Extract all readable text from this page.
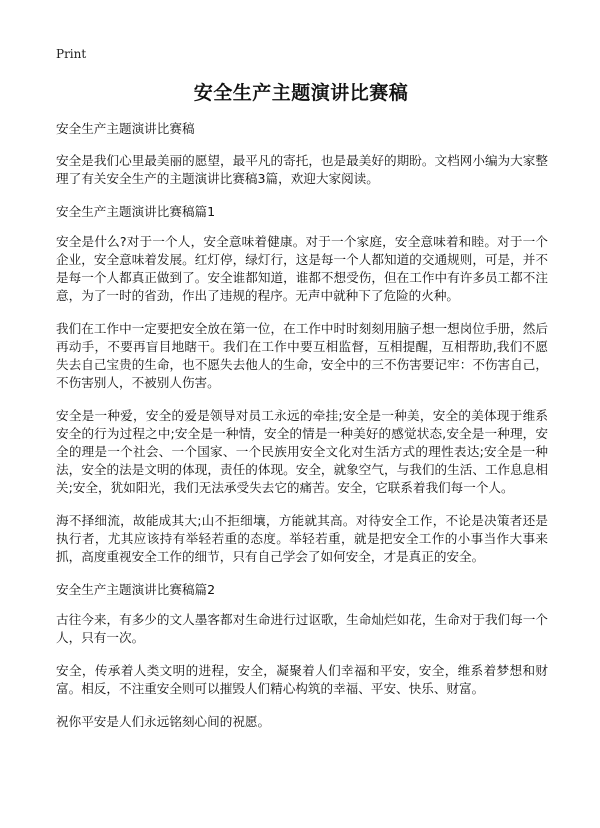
Print
安全生产主题演讲比赛稿

安全生产主题演讲比赛稿

安全是我们心里最美丽的愿望，最平凡的寄托，也是最美好的期盼。文档网小编为大家整理了有关安全生产的主题演讲比赛稿3篇，欢迎大家阅读。

安全生产主题演讲比赛稿篇1

安全是什么?对于一个人，安全意味着健康。对于一个家庭，安全意味着和睦。对于一个企业，安全意味着发展。红灯停，绿灯行，这是每一个人都知道的交通规则，可是，并不是每一个人都真正做到了。安全谁都知道，谁都不想受伤，但在工作中有许多员工都不注意，为了一时的省劲，作出了违规的程序。无声中就种下了危险的火种。

我们在工作中一定要把安全放在第一位，在工作中时时刻刻用脑子想一想岗位手册，然后再动手，不要再盲目地瞎干。我们在工作中要互相监督，互相提醒，互相帮助,我们不愿失去自己宝贵的生命，也不愿失去他人的生命，安全中的三不伤害要记牢：不伤害自己，不伤害别人，不被别人伤害。

安全是一种爱，安全的爱是领导对员工永远的牵挂;安全是一种美，安全的美体现于维系安全的行为过程之中;安全是一种情，安全的情是一种美好的感觉状态,安全是一种理，安全的理是一个社会、一个国家、一个民族用安全文化对生活方式的理性表达;安全是一种法，安全的法是文明的体现，责任的体现。安全，就象空气，与我们的生活、工作息息相关;安全，犹如阳光，我们无法承受失去它的痛苦。安全，它联系着我们每一个人。

海不择细流，故能成其大;山不拒细壤，方能就其高。对待安全工作，不论是决策者还是执行者，尤其应该持有举轻若重的态度。举轻若重，就是把安全工作的小事当作大事来抓，高度重视安全工作的细节，只有自己学会了如何安全，才是真正的安全。

安全生产主题演讲比赛稿篇2

古往今来，有多少的文人墨客都对生命进行过讴歌，生命灿烂如花，生命对于我们每一个人，只有一次。

安全，传承着人类文明的进程，安全，凝聚着人们幸福和平安，安全，维系着梦想和财富。相反，不注重安全则可以摧毁人们精心构筑的幸福、平安、快乐、财富。

祝你平安是人们永远铭刻心间的祝愿。
